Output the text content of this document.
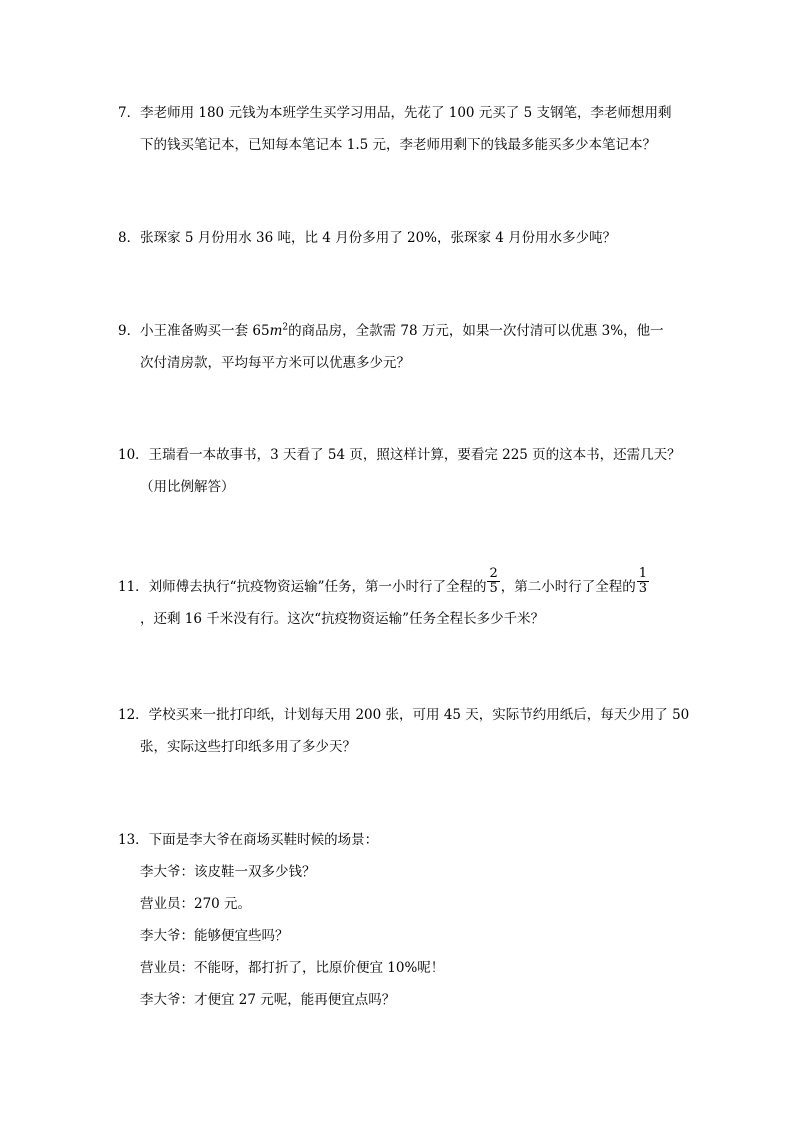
7．李老师用 180 元钱为本班学生买学习用品，先花了 100 元买了 5 支钢笔，李老师想用剩
下的钱买笔记本，已知每本笔记本 1.5 元，李老师用剩下的钱最多能买多少本笔记本？
8．张琛家 5 月份用水 36 吨，比 4 月份多用了 20%，张琛家 4 月份用水多少吨？
9．小王准备购买一套 $65m^2$的商品房，全款需 78 万元，如果一次付清可以优惠 3%，他一
次付清房款，平均每平方米可以优惠多少元？
10．王瑞看一本故事书，3 天看了 54 页，照这样计算，要看完 225 页的这本书，还需几天？
（用比例解答）
11．刘师傅去执行“抗疫物资运输”任务，第一小时行了全程的 $\frac{2}{5}$ ，第二小时行了全程的 $\frac{1}{3}$
，还剩 16 千米没有行。这次“抗疫物资运输”任务全程长多少千米？
12．学校买来一批打印纸，计划每天用 200 张，可用 45 天，实际节约用纸后，每天少用了 50
张，实际这些打印纸多用了多少天？
13．下面是李大爷在商场买鞋时候的场景：
李大爷：该皮鞋一双多少钱？
营业员：270 元。
李大爷：能够便宜些吗？
营业员：不能呀，都打折了，比原价便宜 10%呢！
李大爷：才便宜 27 元呢，能再便宜点吗？
